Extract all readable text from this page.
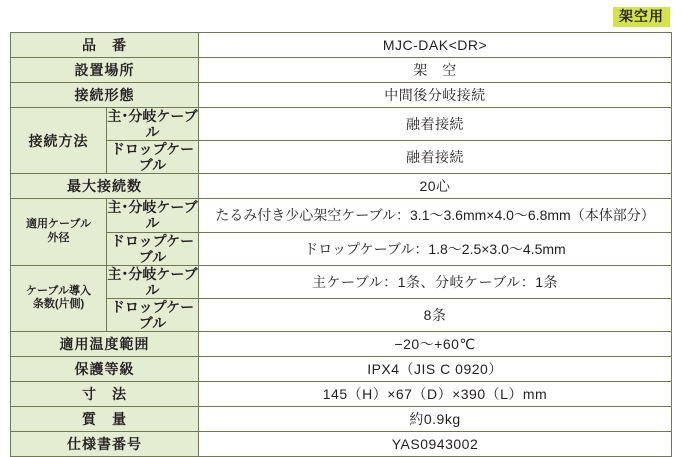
架空用
品　番		MJC-DAK<DR>
設置場所		架　空
接続形態		中間後分岐接続
接続方法	主･分岐ケーブル	融着接続
	ドロップケーブル	融着接続
最大接続数		20心

適用ケーブル
外径	主･分岐ケーブル	たるみ付き少心架空ケーブル：3.1〜3.6mm×4.0〜6.8mm（本体部分）
	ドロップケーブル	ドロップケーブル：1.8〜2.5×3.0〜4.5mm

ケーブル導入
条数(片側)	主･分岐ケーブル	主ケーブル：1条、分岐ケーブル：1条
	ドロップケーブル	8条
適用温度範囲		−20〜+60℃
保護等級		IPX4（JIS C 0920）
寸　法		145（H）×67（D）×390（L）mm
質　量		約0.9kg
仕様書番号		YAS0943002
